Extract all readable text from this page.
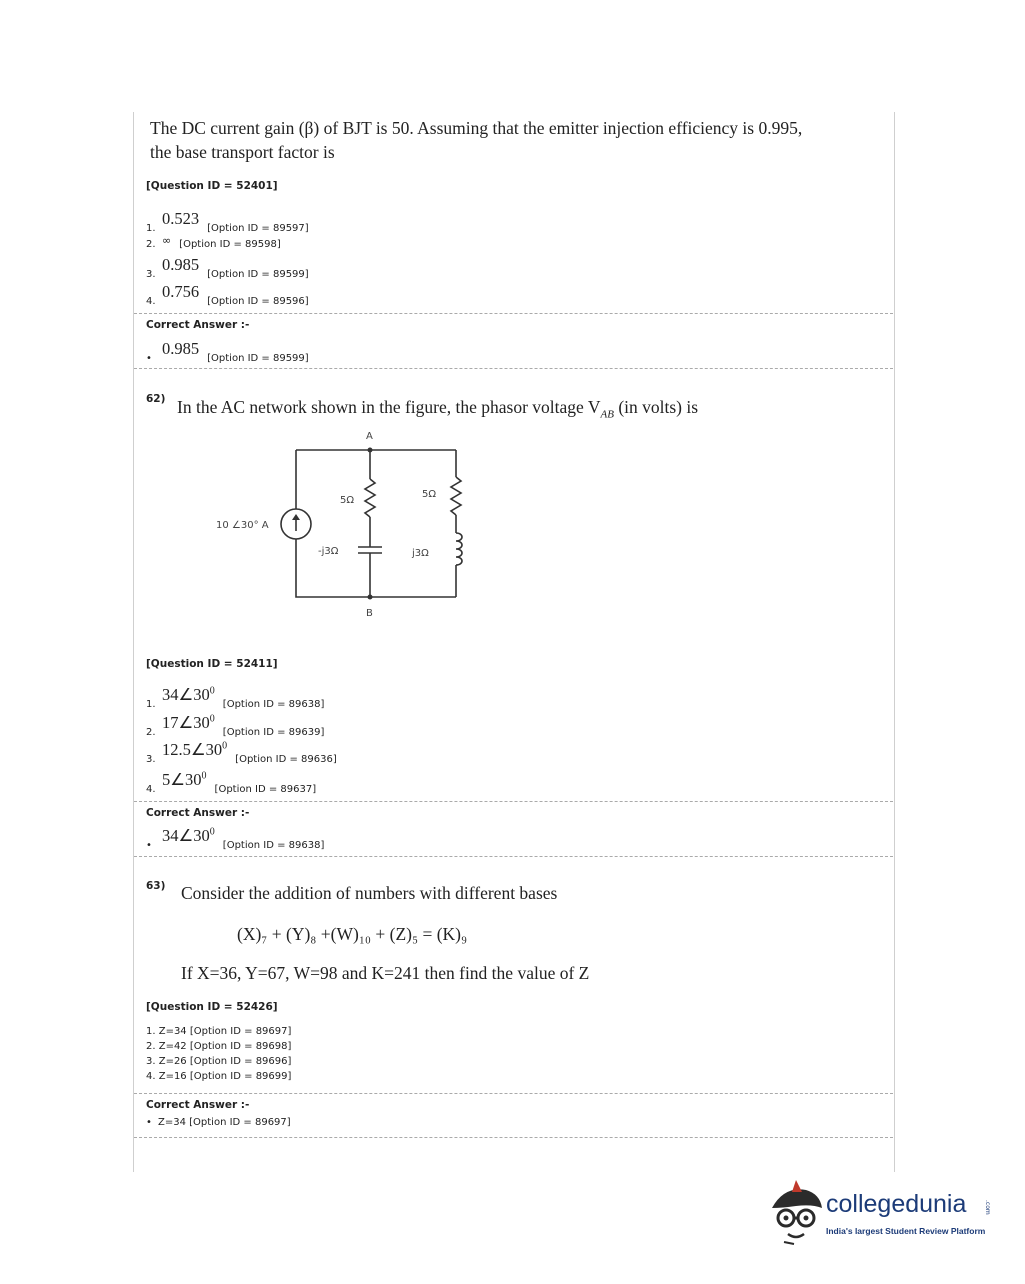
The DC current gain (β) of BJT is 50. Assuming that the emitter injection efficiency is 0.995,
the base transport factor is
[Question ID = 52401]
1.0.523[Option ID = 89597]
2. ∞ [Option ID = 89598]
3.0.985[Option ID = 89599]
4.0.756[Option ID = 89596]
Correct Answer :-
•0.985[Option ID = 89599]
62) In the AC network shown in the figure, the phasor voltage $V_{AB}$ (in volts) is
A
B
10 ∠30° A
5Ω
5Ω
-j3Ω	j3Ω
[Question ID = 52411]
$1.34\angle 30^0[Option$ ID = 89638]
$2.17\angle 30^0[Option$ ID = 89639]
$3.12.5\angle 30^0[Option$ ID = 89636]
$4.5\angle 30^0[Option$ ID = 89637]
Correct Answer :-
$•34\angle 30^0[Option$ ID = 89638]
63) Consider the addition of numbers with different bases
(X)₇ + (Y)₈ +(W)₁₀ + (Z)₅ = (K)₉
If X=36, Y=67, W=98 and K=241 then find the value of Z
[Question ID = 52426]
1. Z=34 [Option ID = 89697]
2. Z=42 [Option ID = 89698]
3. Z=26 [Option ID = 89696]
4. Z=16 [Option ID = 89699]
Correct Answer :-
• Z=34 [Option ID = 89697]
collegedunia	.com
India's largest Student Review Platform
